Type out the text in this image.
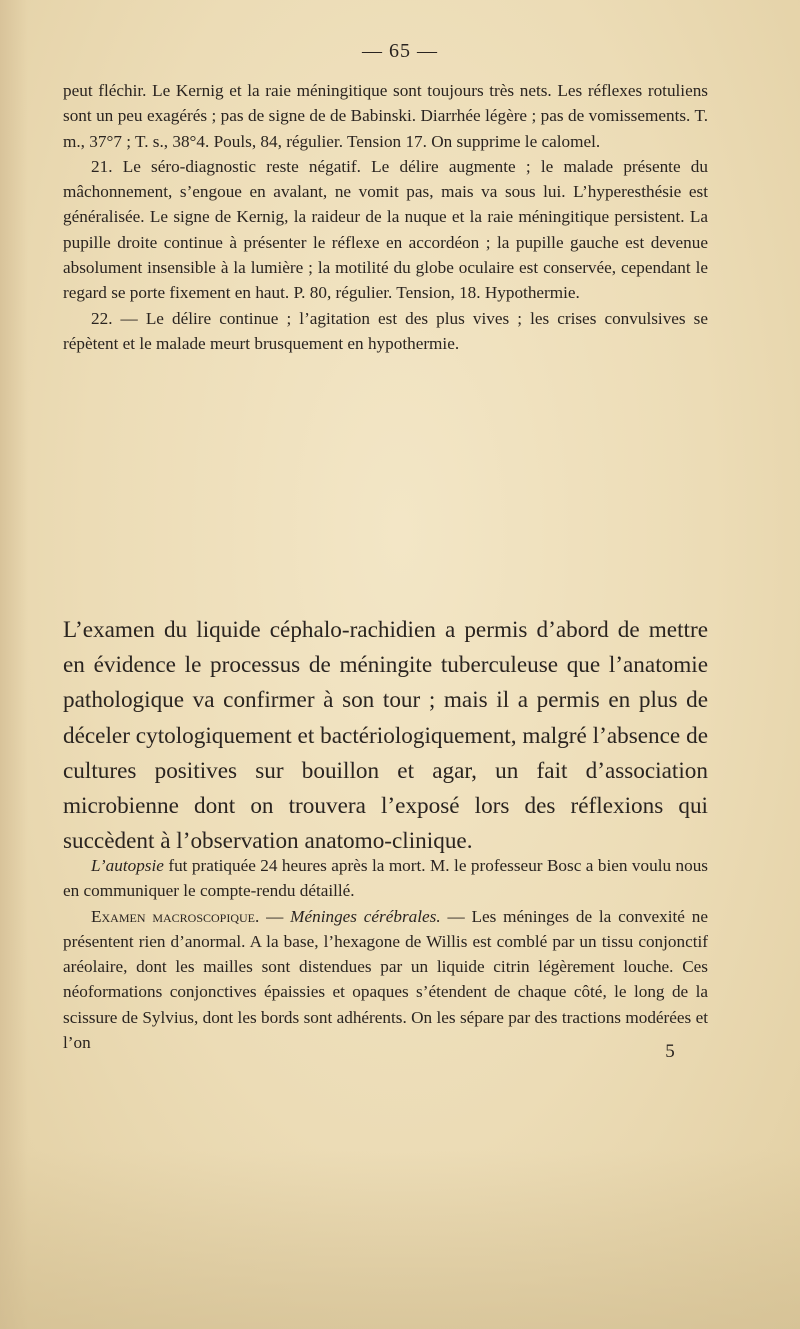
— 65 —

peut fléchir. Le Kernig et la raie méningitique sont toujours très nets. Les réflexes rotuliens sont un peu exagérés ; pas de signe de de Babinski. Diarrhée légère ; pas de vomissements. T. m., 37°7 ; T. s., 38°4. Pouls, 84, régulier. Tension 17. On supprime le calomel.

21. Le séro-diagnostic reste négatif. Le délire augmente ; le malade présente du mâchonnement, s’engoue en avalant, ne vomit pas, mais va sous lui. L’hyperesthésie est généralisée. Le signe de Kernig, la raideur de la nuque et la raie méningitique persistent. La pupille droite continue à présenter le réflexe en accordéon ; la pupille gauche est devenue absolument insensible à la lumière ; la motilité du globe oculaire est conservée, cependant le regard se porte fixement en haut. P. 80, régulier. Tension, 18. Hypothermie.

22. — Le délire continue ; l’agitation est des plus vives ; les crises convulsives se répètent et le malade meurt brusquement en hypothermie.

L’examen du liquide céphalo-rachidien a permis d’abord de mettre en évidence le processus de méningite tuberculeuse que l’anatomie pathologique va confirmer à son tour ; mais il a permis en plus de déceler cytologiquement et bactériologiquement, malgré l’absence de cultures positives sur bouillon et agar, un fait d’association microbienne dont on trouvera l’exposé lors des réflexions qui succèdent à l’observation anatomo-clinique.

L’autopsie fut pratiquée 24 heures après la mort. M. le professeur Bosc a bien voulu nous en communiquer le compte-rendu détaillé.

Examen macroscopique. — Méninges cérébrales. — Les méninges de la convexité ne présentent rien d’anormal. A la base, l’hexagone de Willis est comblé par un tissu conjonctif aréolaire, dont les mailles sont distendues par un liquide citrin légèrement louche. Ces néoformations conjonctives épaissies et opaques s’étendent de chaque côté, le long de la scissure de Sylvius, dont les bords sont adhérents. On les sépare par des tractions modérées et l’on	5
